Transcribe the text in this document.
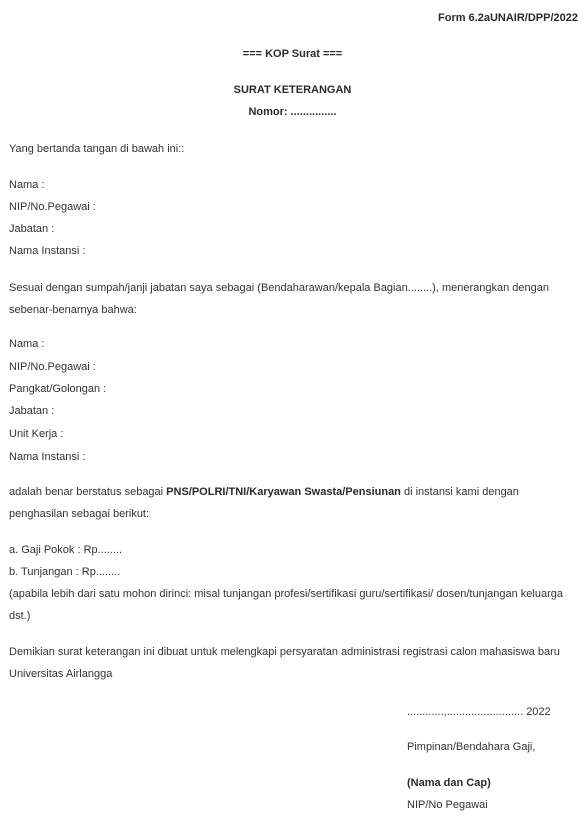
Form 6.2aUNAIR/DPP/2022
=== KOP Surat ===
SURAT KETERANGAN
Nomor: ...............
Yang bertanda tangan di bawah ini::
Nama :
NIP/No.Pegawai :
Jabatan :
Nama Instansi :
Sesuai dengan sumpah/janji jabatan saya sebagai (Bendaharawan/kepala Bagian........), menerangkan dengan sebenar-benarnya bahwa:
Nama :
NIP/No.Pegawai :
Pangkat/Golongan :
Jabatan :
Unit Kerja :
Nama Instansi :
adalah benar berstatus sebagai PNS/POLRI/TNI/Karyawan Swasta/Pensiunan di instansi kami dengan penghasilan sebagai berikut:
a. Gaji Pokok : Rp........
b. Tunjangan : Rp........
(apabila lebih dari satu mohon dirinci: misal tunjangan profesi/sertifikasi guru/sertifikasi/ dosen/tunjangan keluarga dst.)
Demikian surat keterangan ini dibuat untuk melengkapi persyaratan administrasi registrasi calon mahasiswa baru Universitas Airlangga
............,......................... 2022
Pimpinan/Bendahara Gaji,
(Nama dan Cap)
NIP/No Pegawai
